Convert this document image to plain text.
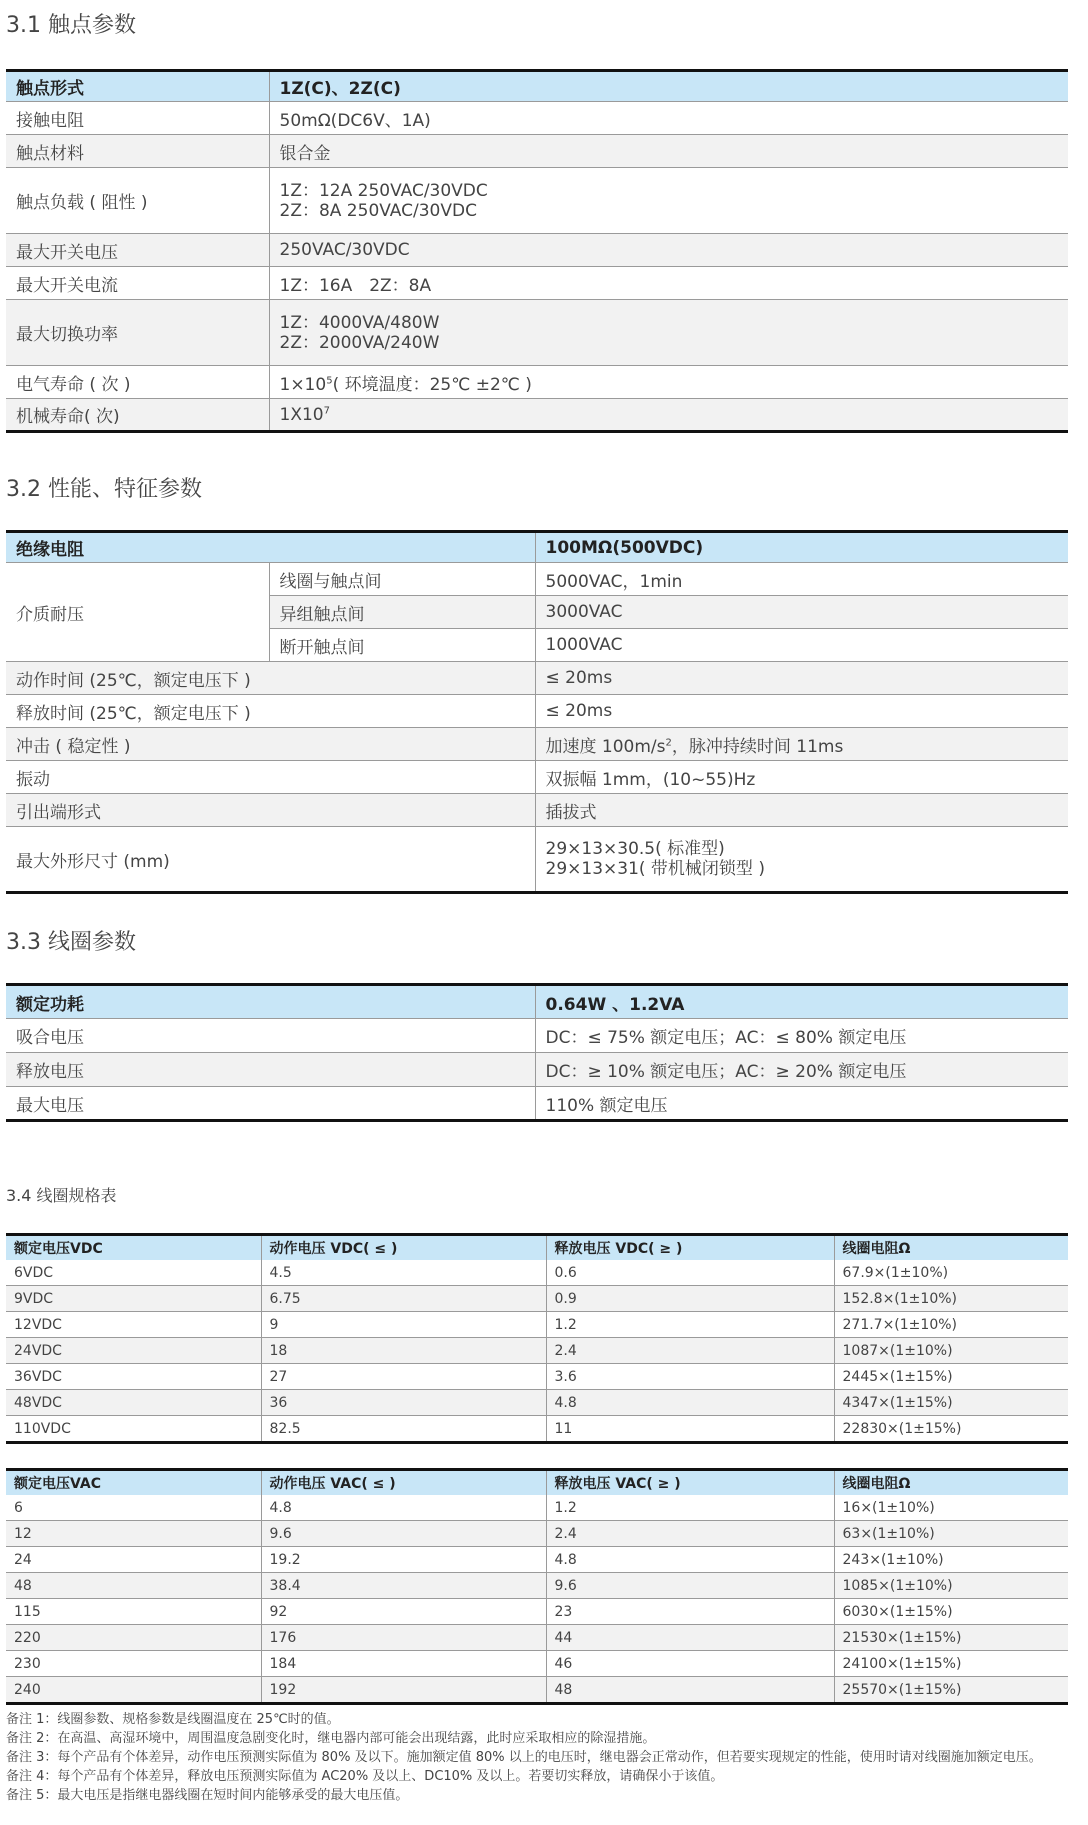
3.1 触点参数
触点形式	1Z(C)、2Z(C)
接触电阻	50mΩ(DC6V、1A)
触点材料	银合金
触点负载 ( 阻性 )	1Z：12A 250VAC/30VDC
2Z：8A 250VAC/30VDC

最大开关电压	250VAC/30VDC
最大开关电流	1Z：16A　2Z：8A
最大切换功率	1Z：4000VA/480W
2Z：2000VA/240W

电气寿命 ( 次 )	$1\times 10^5$( 环境温度：25℃ ±2℃ )
机械寿命( 次)	$1X10^7$
3.2 性能、特征参数
绝缘电阻		100MΩ(500VDC)
介质耐压	线圈与触点间	5000VAC，1min
	异组触点间	3000VAC
	断开触点间	1000VAC
动作时间 (25℃，额定电压下 )		≤ 20ms
释放时间 (25℃，额定电压下 )		≤ 20ms
冲击 ( 稳定性 )		加速度 $100m/s^2$，脉冲持续时间 11ms
振动		双振幅 1mm，(10~55)Hz
引出端形式		插拔式
最大外形尺寸 (mm)		29×13×30.5( 标准型)
29×13×31( 带机械闭锁型 )
3.3 线圈参数
额定功耗	0.64W 、1.2VA
吸合电压	DC：≤ 75% 额定电压；AC：≤ 80% 额定电压
释放电压	DC：≥ 10% 额定电压；AC：≥ 20% 额定电压
最大电压	110% 额定电压
3.4 线圈规格表
额定电压VDC	动作电压 VDC( ≤ )	释放电压 VDC( ≥ )	线圈电阻Ω
6VDC	4.5	0.6	67.9×(1±10%)
9VDC	6.75	0.9	152.8×(1±10%)
12VDC	9	1.2	271.7×(1±10%)
24VDC	18	2.4	1087×(1±10%)
36VDC	27	3.6	2445×(1±15%)
48VDC	36	4.8	4347×(1±15%)
110VDC	82.5	11	22830×(1±15%)
额定电压VAC	动作电压 VAC( ≤ )	释放电压 VAC( ≥ )	线圈电阻Ω
6	4.8	1.2	16×(1±10%)
12	9.6	2.4	63×(1±10%)
24	19.2	4.8	243×(1±10%)
48	38.4	9.6	1085×(1±10%)
115	92	23	6030×(1±15%)
220	176	44	21530×(1±15%)
230	184	46	24100×(1±15%)
240	192	48	25570×(1±15%)
备注 1：线圈参数、规格参数是线圈温度在 25℃时的值。
备注 2：在高温、高湿环境中，周围温度急剧变化时，继电器内部可能会出现结露，此时应采取相应的除湿措施。
备注 3：每个产品有个体差异，动作电压预测实际值为 80% 及以下。施加额定值 80% 以上的电压时，继电器会正常动作，但若要实现规定的性能，使用时请对线圈施加额定电压。
备注 4：每个产品有个体差异，释放电压预测实际值为 AC20% 及以上、DC10% 及以上。若要切实释放，请确保小于该值。
备注 5：最大电压是指继电器线圈在短时间内能够承受的最大电压值。
